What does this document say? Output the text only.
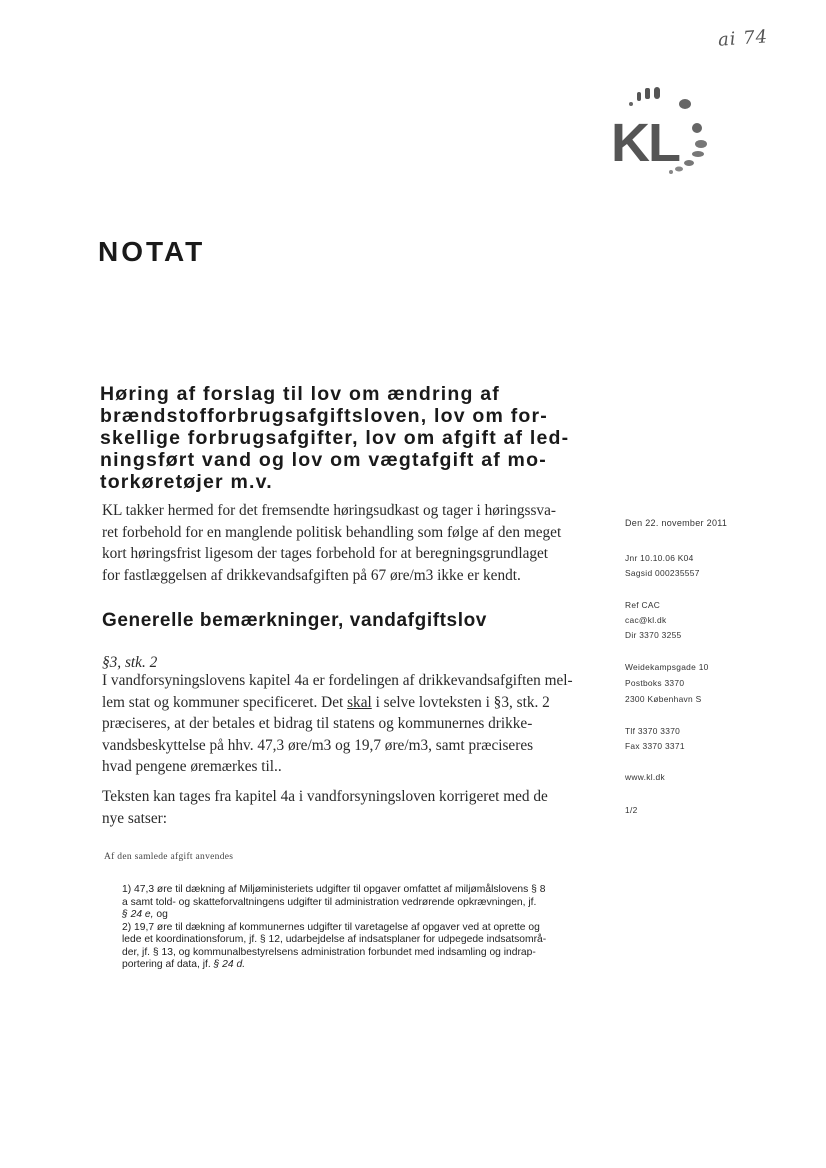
ai 74
KL
NOTAT
Høring af forslag til lov om ændring af
brændstofforbrugsafgiftsloven, lov om for-
skellige forbrugsafgifter, lov om afgift af led-
ningsført vand og lov om vægtafgift af mo-
torkøretøjer m.v.
KL takker hermed for det fremsendte høringsudkast og tager i høringssva-
ret forbehold for en manglende politisk behandling som følge af den meget
kort høringsfrist ligesom der tages forbehold for at beregningsgrundlaget
for fastlæggelsen af drikkevandsafgiften på 67 øre/m3 ikke er kendt.
Generelle bemærkninger, vandafgiftslov
§3, stk. 2
I vandforsyningslovens kapitel 4a er fordelingen af drikkevandsafgiften mel-
lem stat og kommuner specificeret. Det skal i selve lovteksten i §3, stk. 2
præciseres, at der betales et bidrag til statens og kommunernes drikke-
vandsbeskyttelse på hhv. 47,3 øre/m3 og 19,7 øre/m3, samt præciseres
hvad pengene øremærkes til..
Teksten kan tages fra kapitel 4a i vandforsyningsloven korrigeret med de
nye satser:
Af den samlede afgift anvendes
1) 47,3 øre til dækning af Miljøministeriets udgifter til opgaver omfattet af miljømålslovens § 8
a samt told- og skatteforvaltningens udgifter til administration vedrørende opkrævningen, jf.
§ 24 e, og
2) 19,7 øre til dækning af kommunernes udgifter til varetagelse af opgaver ved at oprette og
lede et koordinationsforum, jf. § 12, udarbejdelse af indsatsplaner for udpegede indsatsområ-
der, jf. § 13, og kommunalbestyrelsens administration forbundet med indsamling og indrap-
portering af data, jf. § 24 d.
Den 22. november 2011
Jnr 10.10.06 K04
Sagsid 000235557
Ref CAC
cac@kl.dk
Dir 3370 3255
Weidekampsgade 10
Postboks 3370
2300 København S
Tlf 3370 3370
Fax 3370 3371
www.kl.dk
1/2
